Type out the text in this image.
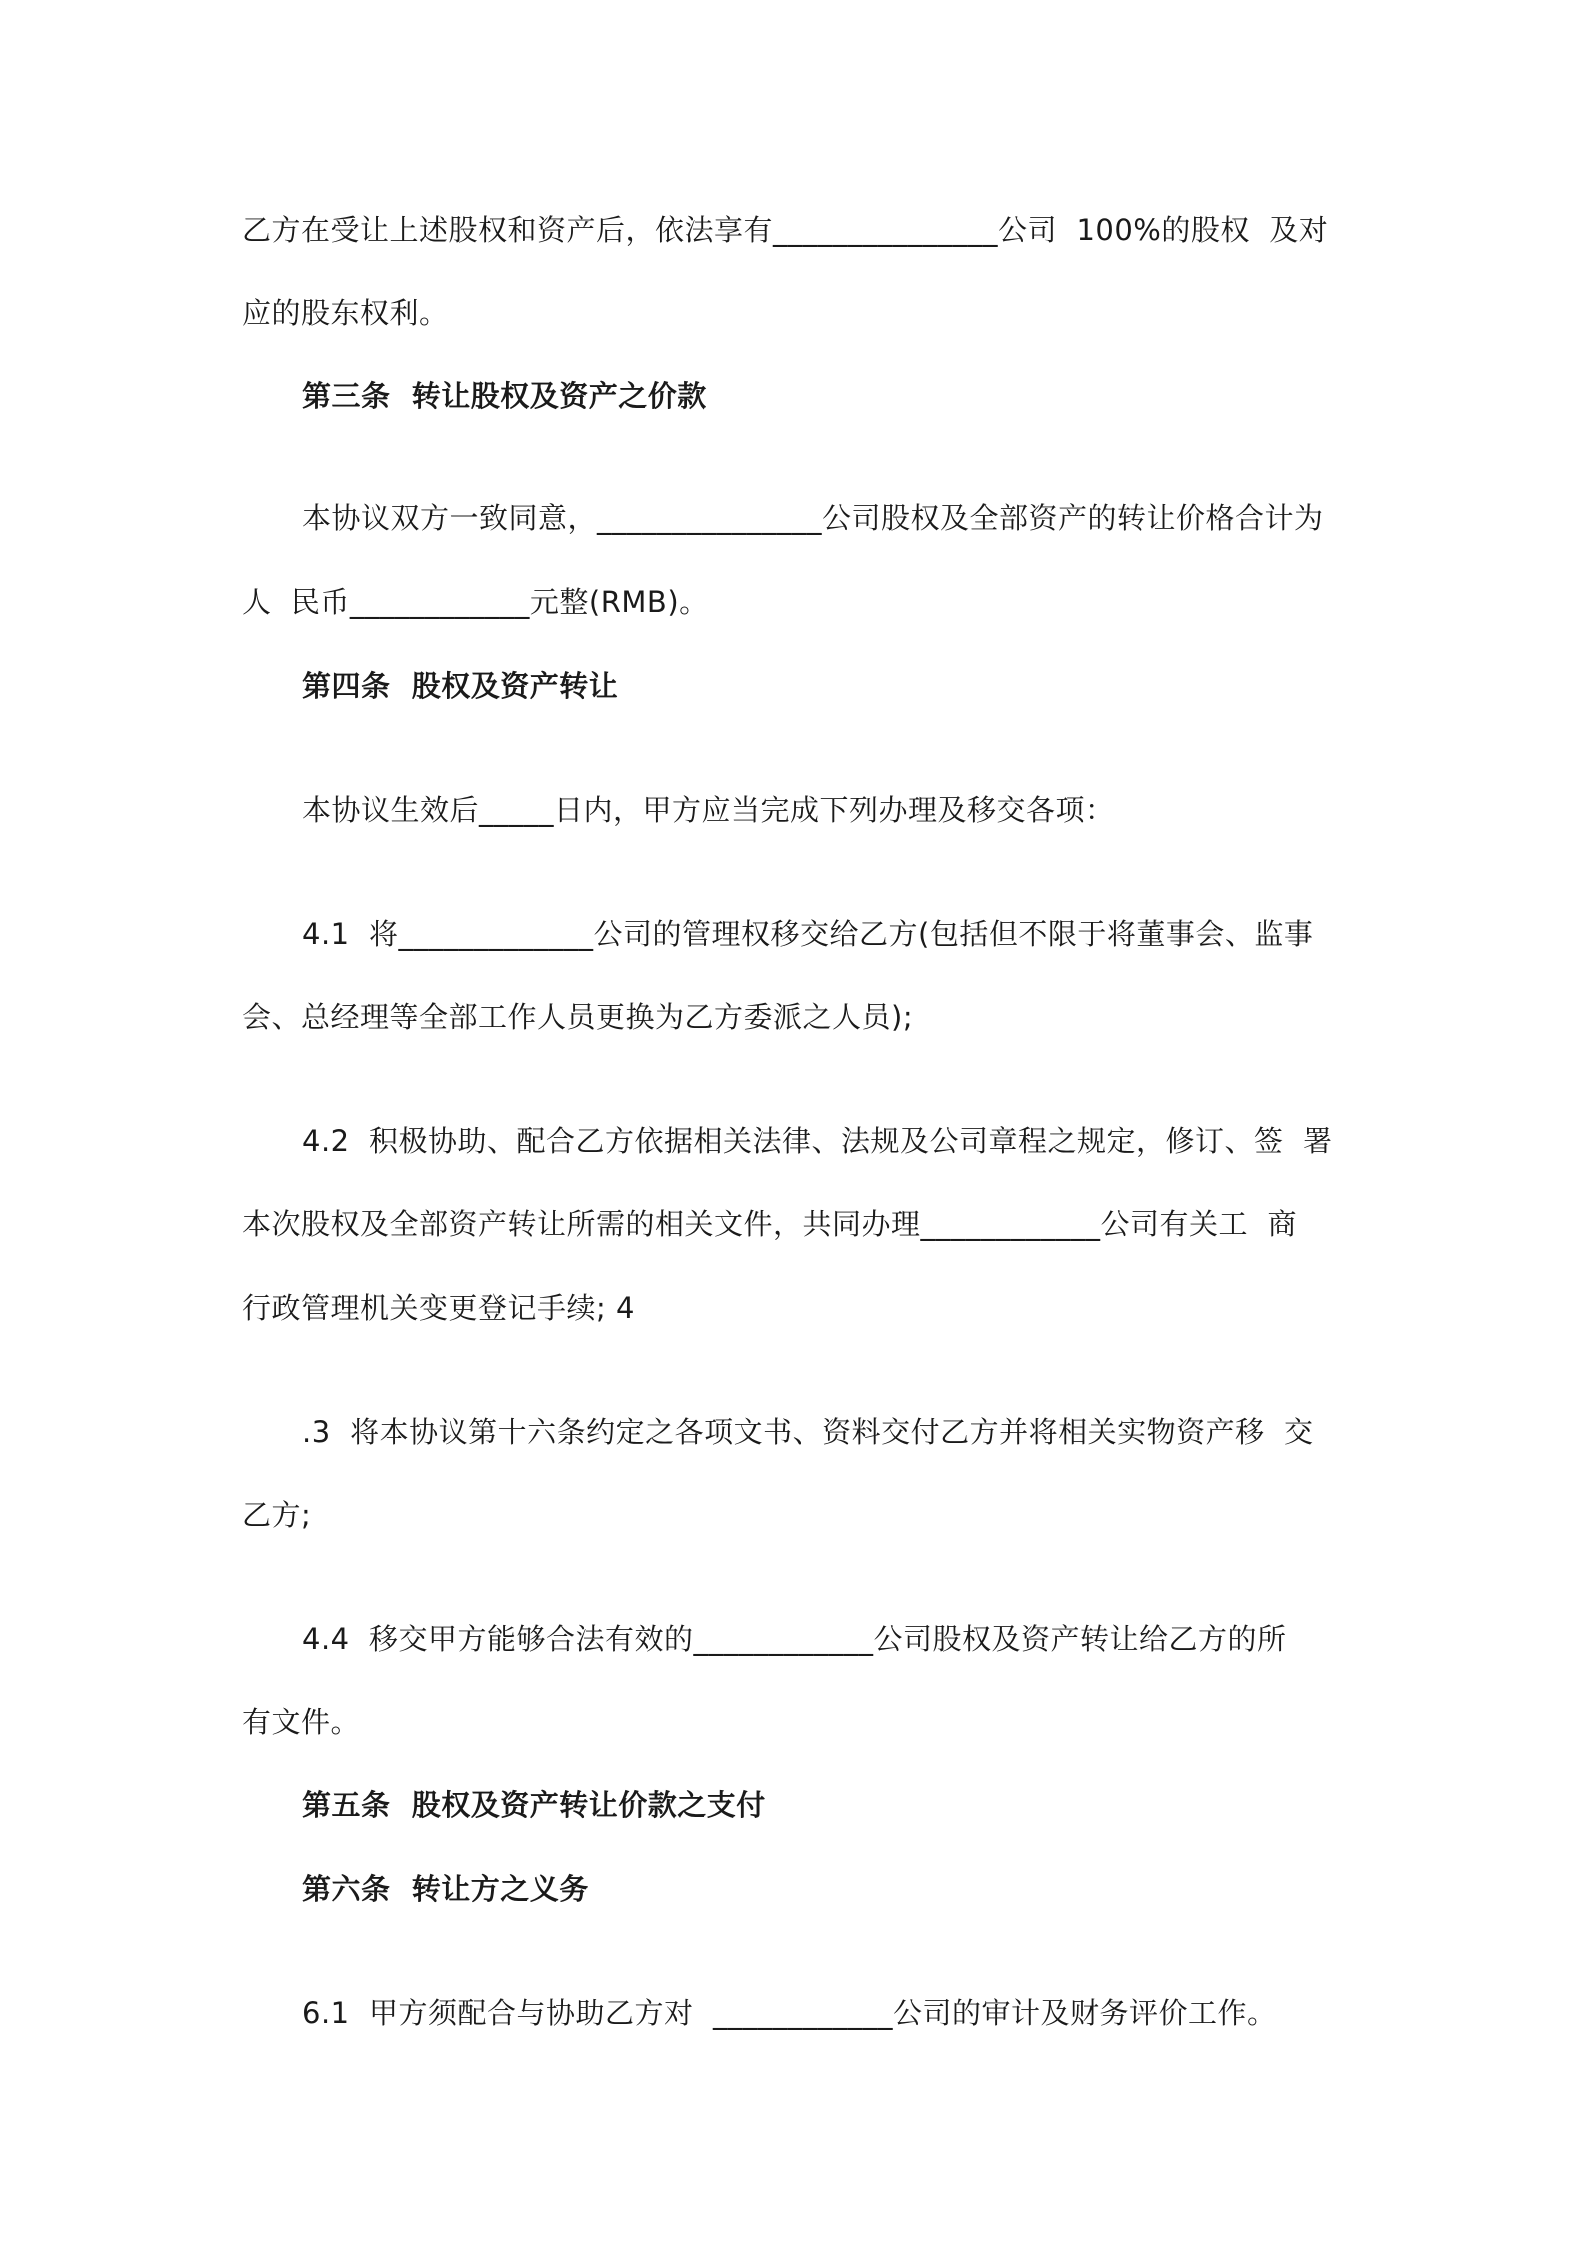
乙方在受让上述股权和资产后，依法享有_______________公司  100%的股权  及对
应的股东权利。
第三条  转让股权及资产之价款
本协议双方一致同意，_______________公司股权及全部资产的转让价格合计为
人  民币____________元整(RMB)。
第四条  股权及资产转让
本协议生效后_____日内，甲方应当完成下列办理及移交各项：
4.1  将_____________公司的管理权移交给乙方(包括但不限于将董事会、监事
会、总经理等全部工作人员更换为乙方委派之人员);
4.2  积极协助、配合乙方依据相关法律、法规及公司章程之规定，修订、签  署
本次股权及全部资产转让所需的相关文件，共同办理____________公司有关工  商
行政管理机关变更登记手续; 4
.3  将本协议第十六条约定之各项文书、资料交付乙方并将相关实物资产移  交
乙方;
4.4  移交甲方能够合法有效的____________公司股权及资产转让给乙方的所
有文件。
第五条  股权及资产转让价款之支付
第六条  转让方之义务
6.1  甲方须配合与协助乙方对  ____________公司的审计及财务评价工作。
